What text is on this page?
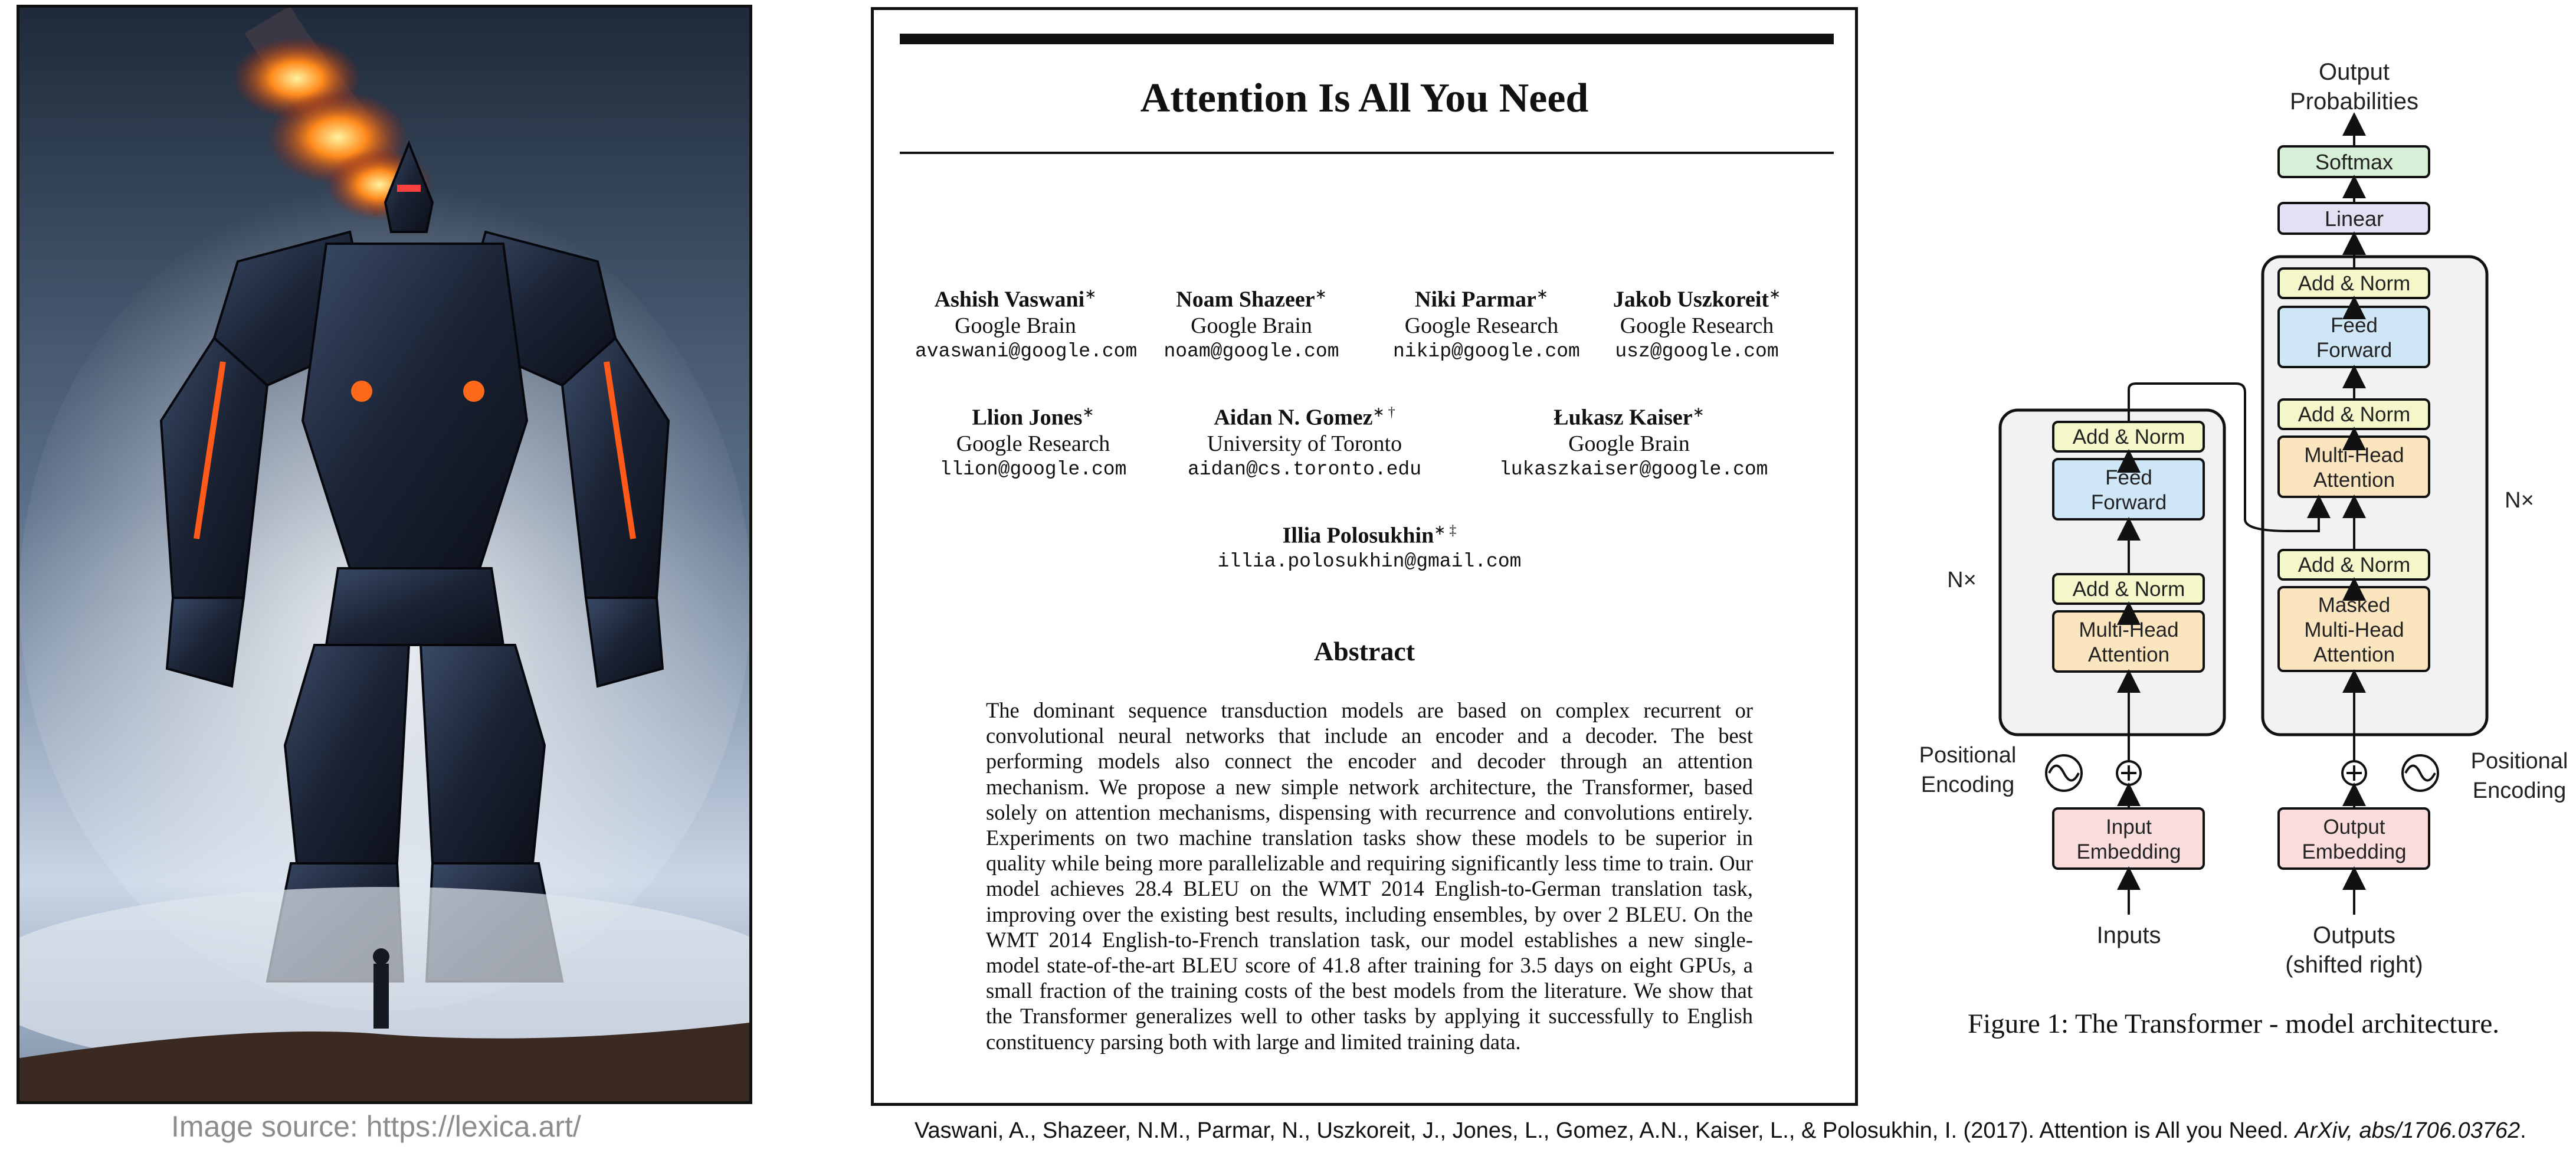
Image source: https://lexica.art/
Attention Is All You Need
Ashish Vaswani∗
Google Brain
avaswani@google.com
Noam Shazeer∗
Google Brain
noam@google.com
Niki Parmar∗
Google Research
nikip@google.com
Jakob Uszkoreit∗
Google Research
usz@google.com
Llion Jones∗
Google Research
llion@google.com
Aidan N. Gomez∗ †
University of Toronto
aidan@cs.toronto.edu
Łukasz Kaiser∗
Google Brain
lukaszkaiser@google.com
Illia Polosukhin∗ ‡
illia.polosukhin@gmail.com
Abstract
The dominant sequence transduction models are based on complex recurrent or convolutional neural networks that include an encoder and a decoder. The best performing models also connect the encoder and decoder through an attention mechanism. We propose a new simple network architecture, the Transformer, based solely on attention mechanisms, dispensing with recurrence and convolutions entirely. Experiments on two machine translation tasks show these models to be superior in quality while being more parallelizable and requiring significantly less time to train. Our model achieves 28.4 BLEU on the WMT 2014 English-to-German translation task, improving over the existing best results, including ensembles, by over 2 BLEU. On the WMT 2014 English-to-French translation task, our model establishes a new single-model state-of-the-art BLEU score of 41.8 after training for 3.5 days on eight GPUs, a small fraction of the training costs of the best models from the literature. We show that the Transformer generalizes well to other tasks by applying it successfully to English constituency parsing both with large and limited training data.
Vaswani, A., Shazeer, N.M., Parmar, N., Uszkoreit, J., Jones, L., Gomez, A.N., Kaiser, L., & Polosukhin, I. (2017). Attention is All you Need. ArXiv, abs/1706.03762.
Output
Probabilities
Softmax
Linear
Add & Norm
Feed
Forward
Add & Norm
Multi-Head
Attention
Add & Norm
Masked
Multi-Head
Attention
Add & Norm
Feed
Forward
Add & Norm
Multi-Head
Attention
N×
N×
Positional
Encoding
Positional
Encoding
Input
Embedding
Output
Embedding
Inputs	Outputs
(shifted right)
Figure 1: The Transformer - model architecture.
